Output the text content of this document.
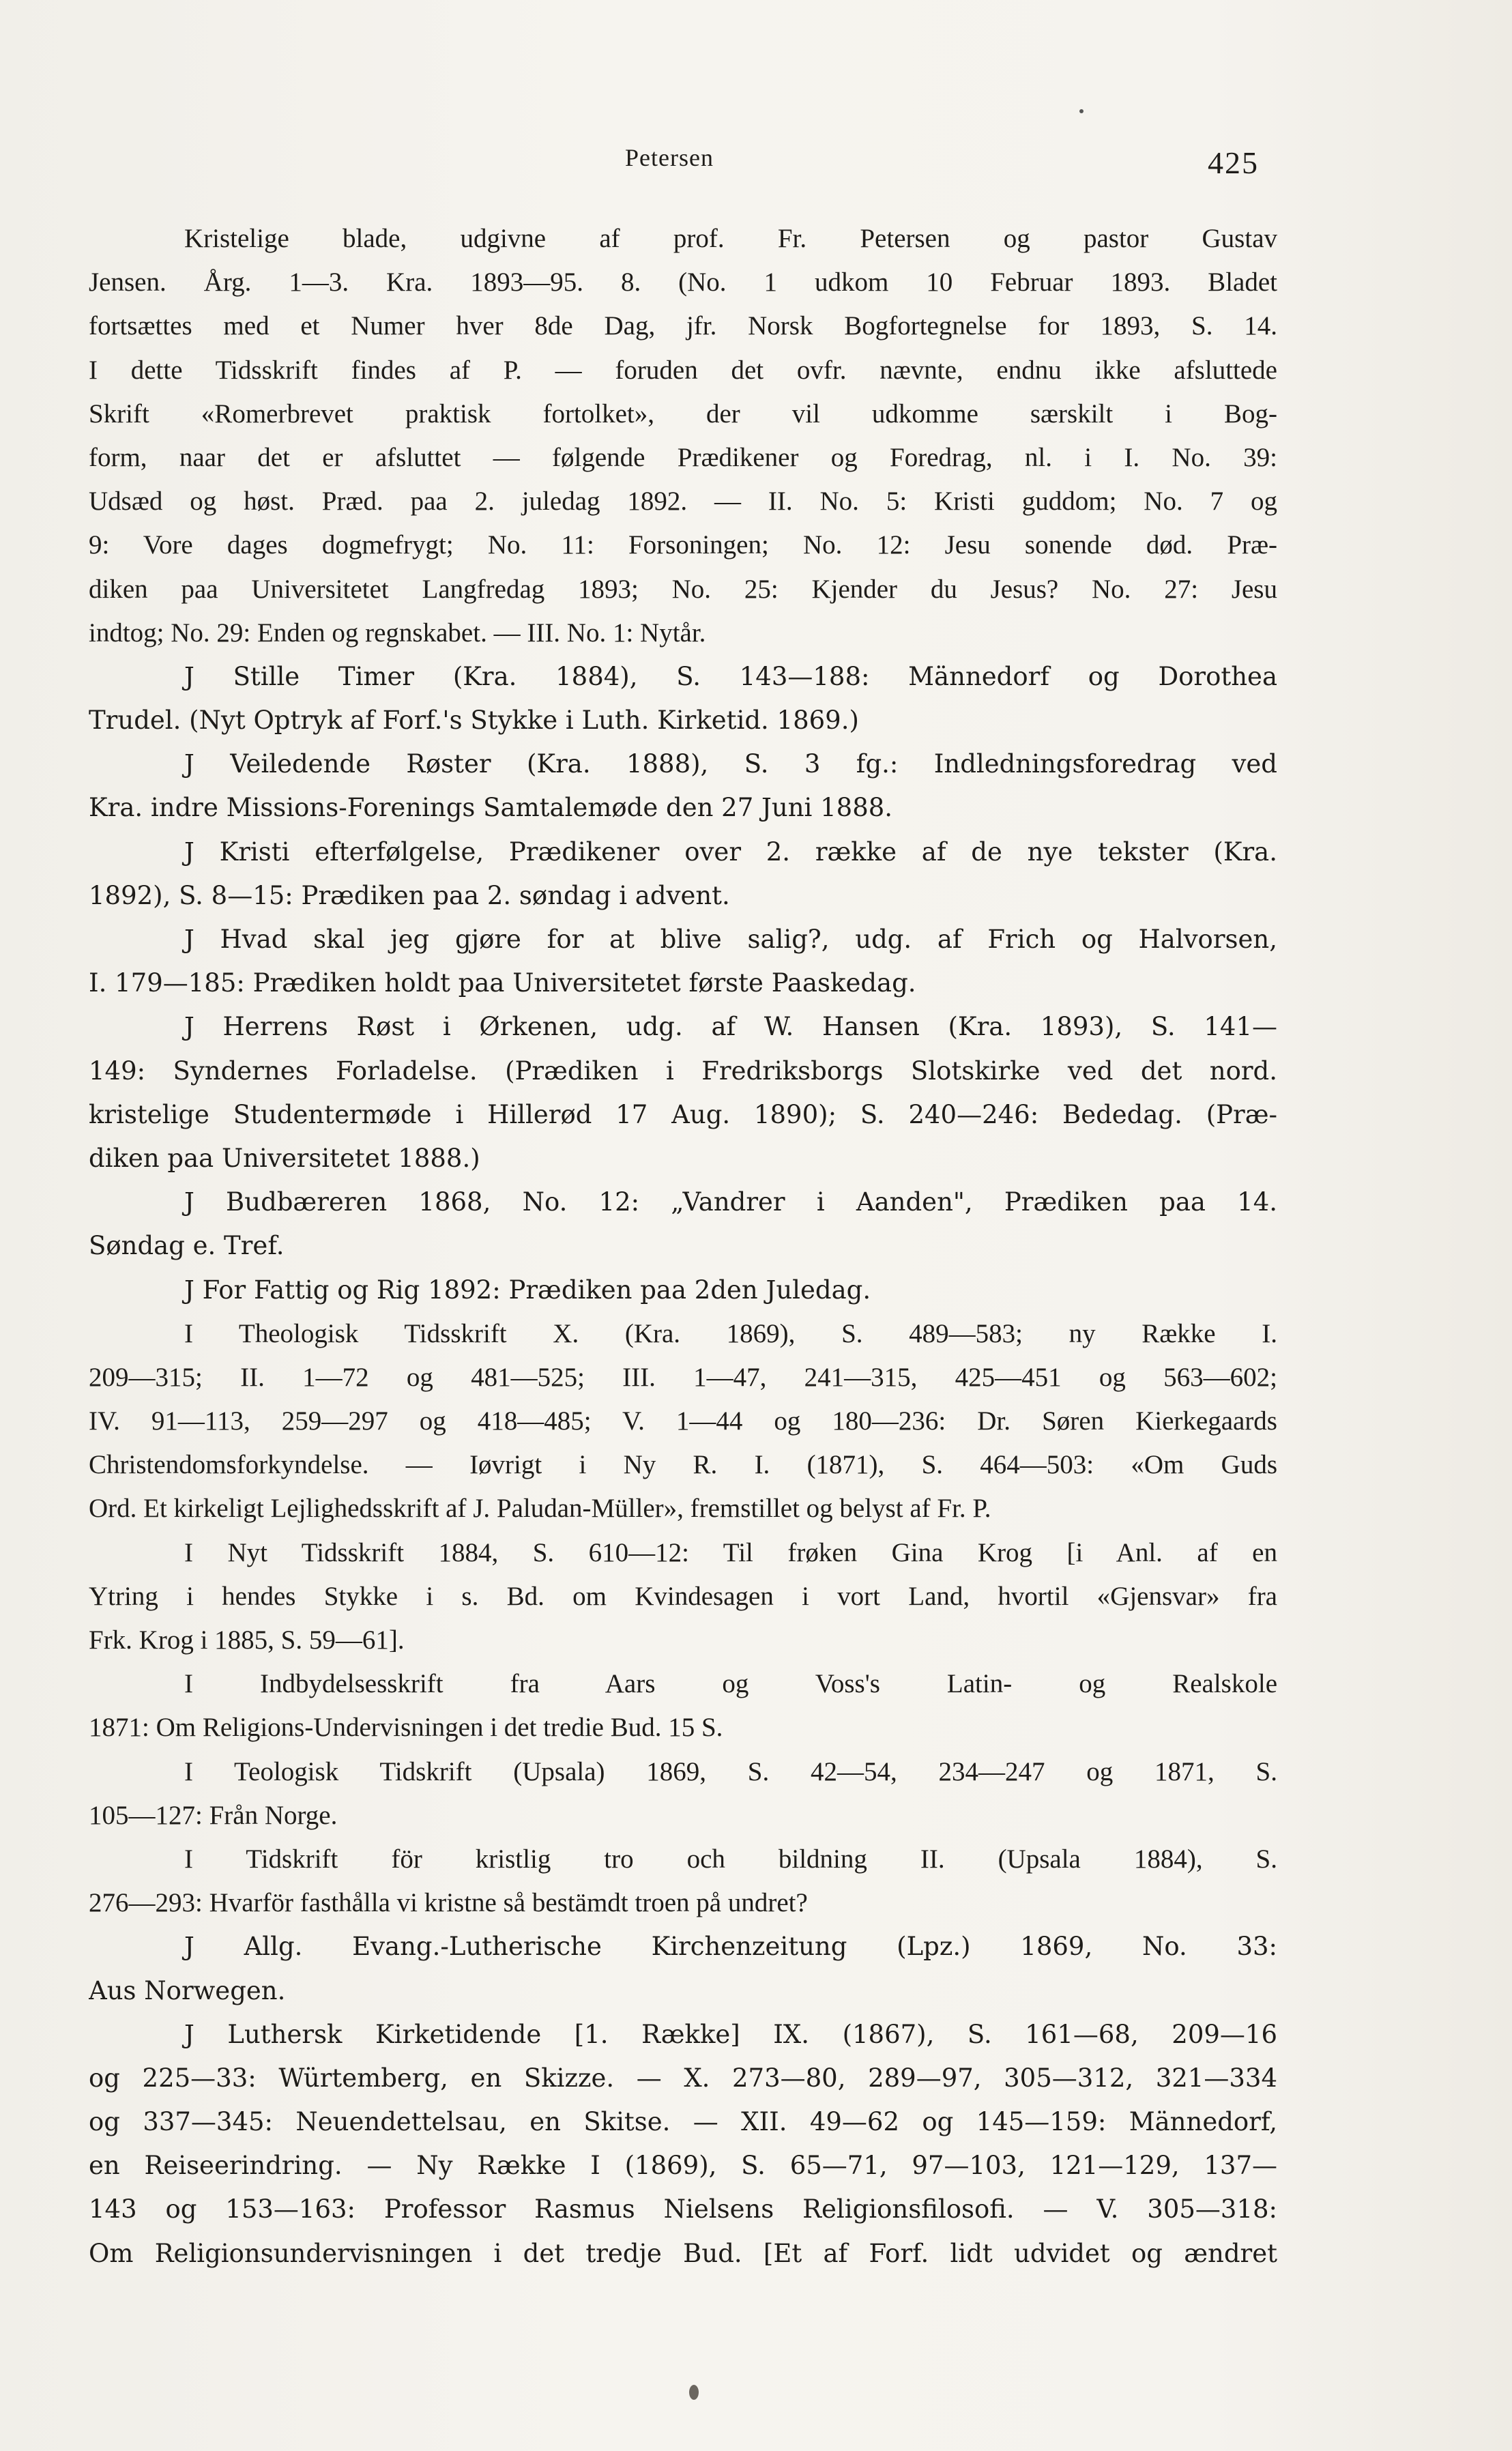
Petersen	425
Kristelige blade, udgivne af prof. Fr. Petersen og pastor Gustav
Jensen. Årg. 1—3. Kra. 1893—95. 8. (No. 1 udkom 10 Februar 1893. Bladet
fortsættes med et Numer hver 8de Dag, jfr. Norsk Bogfortegnelse for 1893, S. 14.
I dette Tidsskrift findes af P. — foruden det ovfr. nævnte, endnu ikke afsluttede
Skrift «Romerbrevet praktisk fortolket», der vil udkomme særskilt i Bog-
form, naar det er afsluttet — følgende Prædikener og Foredrag, nl. i I. No. 39:
Udsæd og høst. Præd. paa 2. juledag 1892. — II. No. 5: Kristi guddom; No. 7 og
9: Vore dages dogmefrygt; No. 11: Forsoningen; No. 12: Jesu sonende død. Præ-
diken paa Universitetet Langfredag 1893; No. 25: Kjender du Jesus? No. 27: Jesu
indtog; No. 29: Enden og regnskabet. — III. No. 1: Nytår.
J Stille Timer (Kra. 1884), S. 143—188: Männedorf og Dorothea
Trudel. (Nyt Optryk af Forf.'s Stykke i Luth. Kirketid. 1869.)
J Veiledende Røster (Kra. 1888), S. 3 fg.: Indledningsforedrag ved
Kra. indre Missions-Forenings Samtalemøde den 27 Juni 1888.
J Kristi efterfølgelse, Prædikener over 2. række af de nye tekster (Kra.
1892), S. 8—15: Prædiken paa 2. søndag i advent.
J Hvad skal jeg gjøre for at blive salig?, udg. af Frich og Halvorsen,
I. 179—185: Prædiken holdt paa Universitetet første Paaskedag.
J Herrens Røst i Ørkenen, udg. af W. Hansen (Kra. 1893), S. 141—
149: Syndernes Forladelse. (Prædiken i Fredriksborgs Slotskirke ved det nord.
kristelige Studentermøde i Hillerød 17 Aug. 1890); S. 240—246: Bededag. (Præ-
diken paa Universitetet 1888.)
J Budbæreren 1868, No. 12: „Vandrer i Aanden", Prædiken paa 14.
Søndag e. Tref.
J For Fattig og Rig 1892: Prædiken paa 2den Juledag.
I Theologisk Tidsskrift X. (Kra. 1869), S. 489—583; ny Række I.
209—315; II. 1—72 og 481—525; III. 1—47, 241—315, 425—451 og 563—602;
IV. 91—113, 259—297 og 418—485; V. 1—44 og 180—236: Dr. Søren Kierkegaards
Christendomsforkyndelse. — Iøvrigt i Ny R. I. (1871), S. 464—503: «Om Guds
Ord. Et kirkeligt Lejlighedsskrift af J. Paludan-Müller», fremstillet og belyst af Fr. P.
I Nyt Tidsskrift 1884, S. 610—12: Til frøken Gina Krog [i Anl. af en
Ytring i hendes Stykke i s. Bd. om Kvindesagen i vort Land, hvortil «Gjensvar» fra
Frk. Krog i 1885, S. 59—61].
I Indbydelsesskrift fra Aars og Voss's Latin- og Realskole
1871: Om Religions-Undervisningen i det tredie Bud. 15 S.
I Teologisk Tidskrift (Upsala) 1869, S. 42—54, 234—247 og 1871, S.
105—127: Från Norge.
I Tidskrift för kristlig tro och bildning II. (Upsala 1884), S.
276—293: Hvarför fasthålla vi kristne så bestämdt troen på undret?
J Allg. Evang.-Lutherische Kirchenzeitung (Lpz.) 1869, No. 33:
Aus Norwegen.
J Luthersk Kirketidende [1. Række] IX. (1867), S. 161—68, 209—16
og 225—33: Würtemberg, en Skizze. — X. 273—80, 289—97, 305—312, 321—334
og 337—345: Neuendettelsau, en Skitse. — XII. 49—62 og 145—159: Männedorf,
en Reiseerindring. — Ny Række I (1869), S. 65—71, 97—103, 121—129, 137—
143 og 153—163: Professor Rasmus Nielsens Religionsfilosofi. — V. 305—318:
Om Religionsundervisningen i det tredje Bud. [Et af Forf. lidt udvidet og ændret
